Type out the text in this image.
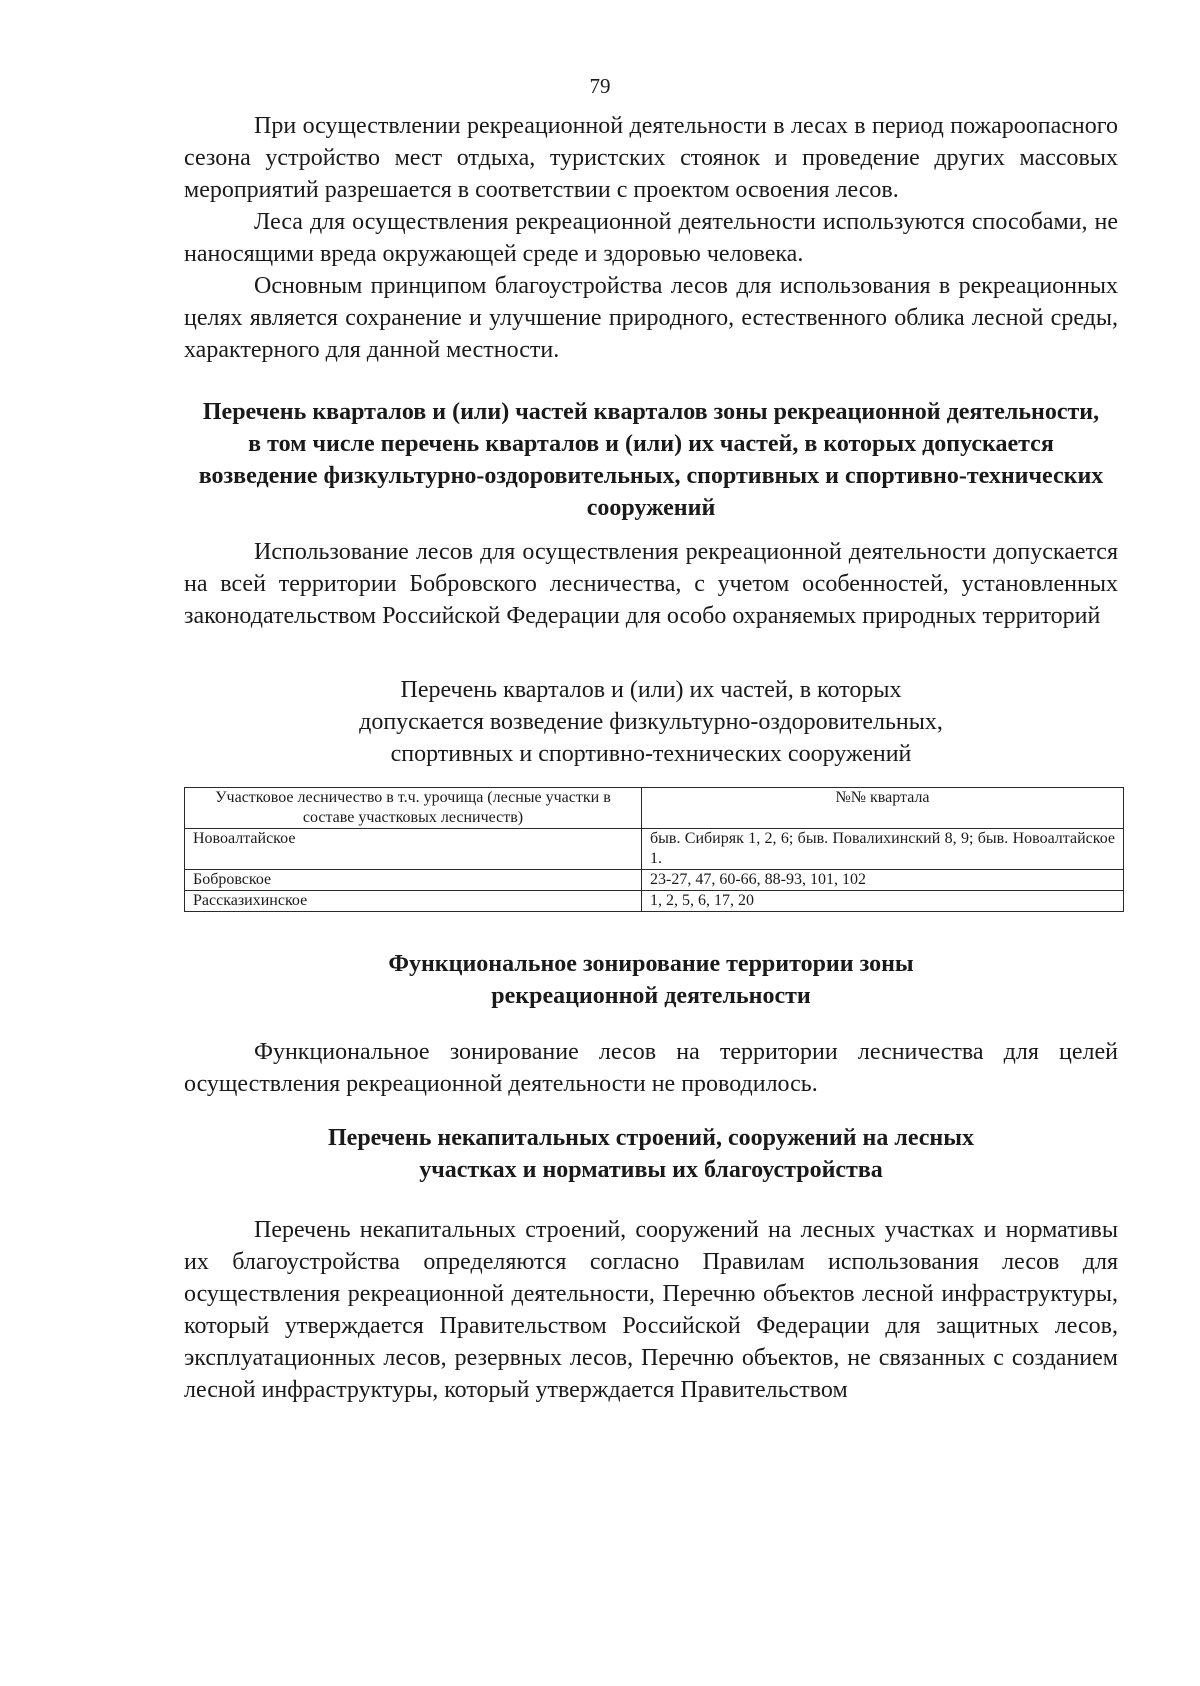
79

При осуществлении рекреационной деятельности в лесах в период пожароопасного сезона устройство мест отдыха, туристских стоянок и проведение других массовых мероприятий разрешается в соответствии с проектом освоения лесов.

Леса для осуществления рекреационной деятельности используются способами, не наносящими вреда окружающей среде и здоровью человека.

Основным принципом благоустройства лесов для использования в рекреационных целях является сохранение и улучшение природного, естественного облика лесной среды, характерного для данной местности.

Перечень кварталов и (или) частей кварталов зоны рекреационной деятельности, в том числе перечень кварталов и (или) их частей, в которых допускается возведение физкультурно-оздоровительных, спортивных и спортивно-технических сооружений

Использование лесов для осуществления рекреационной деятельности допускается на всей территории Бобровского лесничества, с учетом особенностей, установленных законодательством Российской Федерации для особо охраняемых природных территорий

Перечень кварталов и (или) их частей, в которых допускается возведение физкультурно-оздоровительных, спортивных и спортивно-технических сооружений
Участковое лесничество в т.ч. урочища (лесные участки в составе участковых лесничеств)	№№ квартала
Новоалтайское	быв. Сибиряк 1, 2, 6; быв. Повалихинский 8, 9; быв. Новоалтайское 1.
Бобровское	23-27, 47, 60-66, 88-93, 101, 102
Рассказихинское	1, 2, 5, 6, 17, 20
Функциональное зонирование территории зоны рекреационной деятельности

Функциональное зонирование лесов на территории лесничества для целей осуществления рекреационной деятельности не проводилось.

Перечень некапитальных строений, сооружений на лесных участках и нормативы их благоустройства

Перечень некапитальных строений, сооружений на лесных участках и нормативы их благоустройства определяются согласно Правилам использования лесов для осуществления рекреационной деятельности, Перечню объектов лесной инфраструктуры, который утверждается Правительством Российской Федерации для защитных лесов, эксплуатационных лесов, резервных лесов, Перечню объектов, не связанных с созданием лесной инфраструктуры, который утверждается Правительством
